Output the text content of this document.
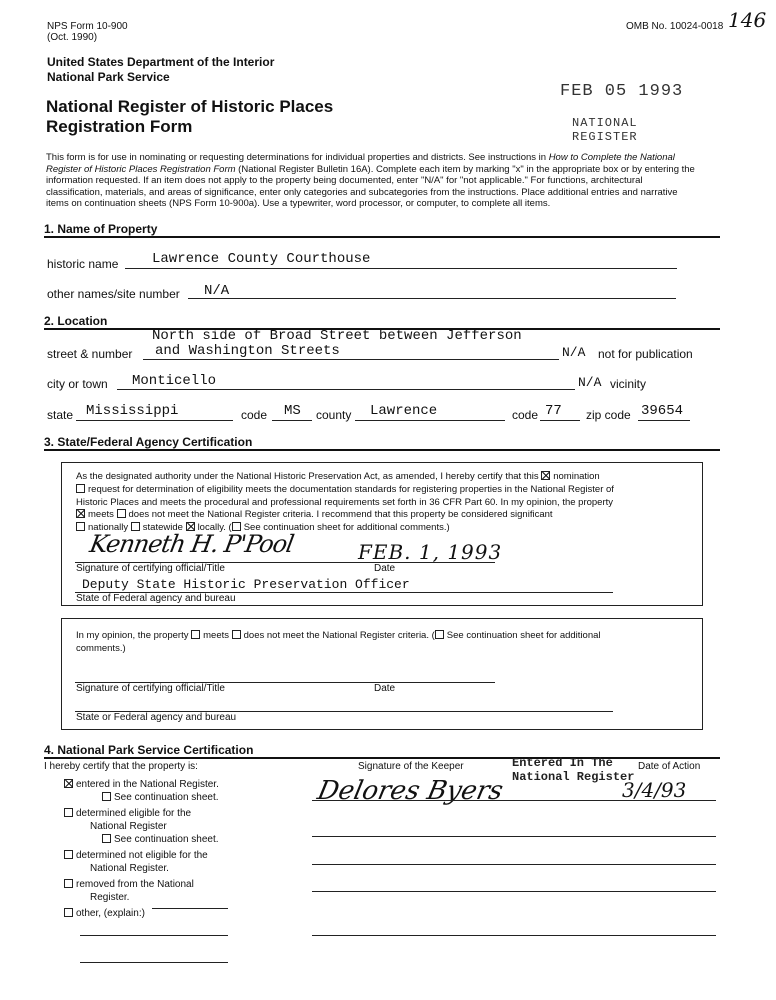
NPS Form 10-900
(Oct. 1990)
OMB No. 10024-0018 146
United States Department of the Interior
National Park Service
National Register of Historic Places
Registration Form
FEB 05 1993
NATIONAL
REGISTER
This form is for use in nominating or requesting determinations for individual properties and districts. See instructions in How to Complete the National Register of Historic Places Registration Form (National Register Bulletin 16A). Complete each item by marking "x" in the appropriate box or by entering the information requested. If an item does not apply to the property being documented, enter "N/A" for "not applicable." For functions, architectural classification, materials, and areas of significance, enter only categories and subcategories from the instructions. Place additional entries and narrative items on continuation sheets (NPS Form 10-900a). Use a typewriter, word processor, or computer, to complete all items.
1. Name of Property
historic name Lawrence County Courthouse
other names/site number N/A
2. Location
North side of Broad Street between Jefferson
street & number and Washington Streets	N/A not for publication
city or town Monticello	N/A vicinity
state Mississippi	code MS county Lawrence	code 77 zip code 39654
3. State/Federal Agency Certification
As the designated authority under the National Historic Preservation Act, as amended, I hereby certify that this nomination
request for determination of eligibility meets the documentation standards for registering properties in the National Register of
Historic Places and meets the procedural and professional requirements set forth in 36 CFR Part 60. In my opinion, the property
meets does not meet the National Register criteria. I recommend that this property be considered significant
nationally statewide locally. ( See continuation sheet for additional comments.)
Kenneth H. P'Pool	FEB. 1, 1993
Signature of certifying official/Title	Date
Deputy State Historic Preservation Officer
State of Federal agency and bureau
In my opinion, the property meets does not meet the National Register criteria. ( See continuation sheet for additional
comments.)
Signature of certifying official/Title	Date
State or Federal agency and bureau
4. National Park Service Certification
I hereby certify that the property is:	Signature of the Keeper	Date of Action
Entered In The
National Register
Delores Byers	3/4/93
entered in the National Register.
See continuation sheet.
determined eligible for the
National Register
See continuation sheet.
determined not eligible for the
National Register.
removed from the National
Register.
other, (explain:)
